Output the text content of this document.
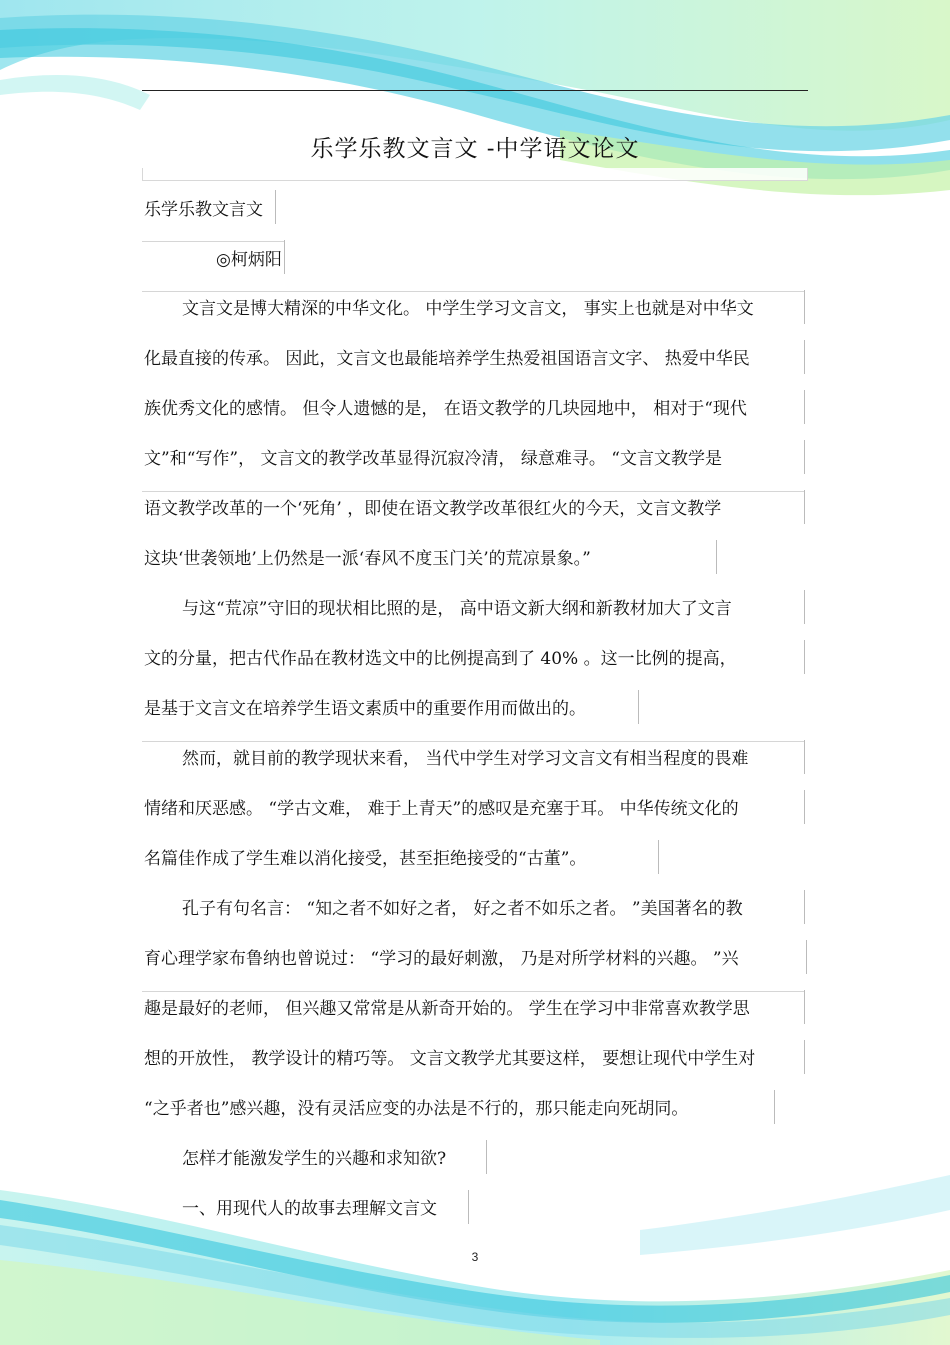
乐学乐教文言文 -中学语文论文
乐学乐教文言文
◎柯炳阳
文言文是博大精深的中华文化。 中学生学习文言文， 事实上也就是对中华文
化最直接的传承。 因此，文言文也最能培养学生热爱祖国语言文字、 热爱中华民
族优秀文化的感情。 但令人遗憾的是， 在语文教学的几块园地中， 相对于“现代
文”和“写作”， 文言文的教学改革显得沉寂冷清， 绿意难寻。 “文言文教学是
语文教学改革的一个‘死角’ ，即使在语文教学改革很红火的今天，文言文教学
这块‘世袭领地’上仍然是一派‘春风不度玉门关’的荒凉景象。”
与这“荒凉”守旧的现状相比照的是， 高中语文新大纲和新教材加大了文言
文的分量，把古代作品在教材选文中的比例提高到了 40% 。这一比例的提高，
是基于文言文在培养学生语文素质中的重要作用而做出的。
然而，就目前的教学现状来看， 当代中学生对学习文言文有相当程度的畏难
情绪和厌恶感。 “学古文难， 难于上青天”的感叹是充塞于耳。 中华传统文化的
名篇佳作成了学生难以消化接受，甚至拒绝接受的“古董”。
孔子有句名言： “知之者不如好之者， 好之者不如乐之者。 ”美国著名的教
育心理学家布鲁纳也曾说过： “学习的最好刺激， 乃是对所学材料的兴趣。 ”兴
趣是最好的老师， 但兴趣又常常是从新奇开始的。 学生在学习中非常喜欢教学思
想的开放性， 教学设计的精巧等。 文言文教学尤其要这样， 要想让现代中学生对
“之乎者也”感兴趣，没有灵活应变的办法是不行的，那只能走向死胡同。
怎样才能激发学生的兴趣和求知欲?
一、用现代人的故事去理解文言文
3
